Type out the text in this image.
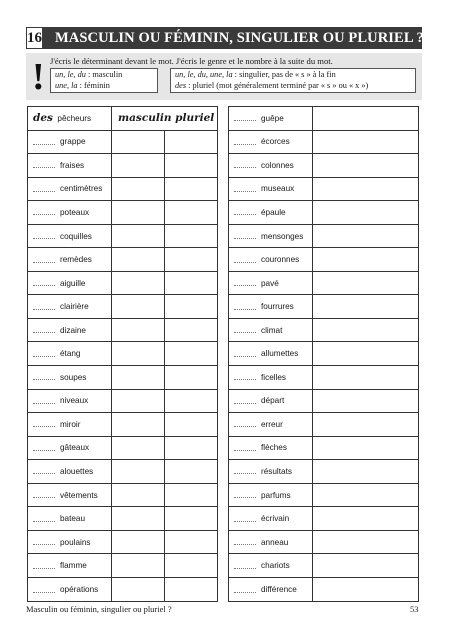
16 MASCULIN OU FÉMININ, SINGULIER OU PLURIEL ?
! J'écris le déterminant devant le mot. J'écris le genre et le nombre à la suite du mot.
un, le, du : masculin
une, la : féminin
un, le, du, une, la : singulier, pas de « s » à la fin
des : pluriel (mot généralement terminé par « s » ou « x »)
des
pêcheurs	masculin pluriel
grappe
fraises
centimètres
poteaux
coquilles
remèdes
aiguille
clairière
dizaine
étang
soupes
niveaux
miroir
gâteaux
alouettes
vêtements
bateau
poulains
flamme
opérations
guêpe
écorces
colonnes
museaux
épaule
mensonges
couronnes
pavé
fourrures
climat
allumettes
ficelles
départ
erreur
flèches
résultats
parfums
écrivain
anneau
chariots
différence
Masculin ou féminin, singulier ou pluriel ?	53
